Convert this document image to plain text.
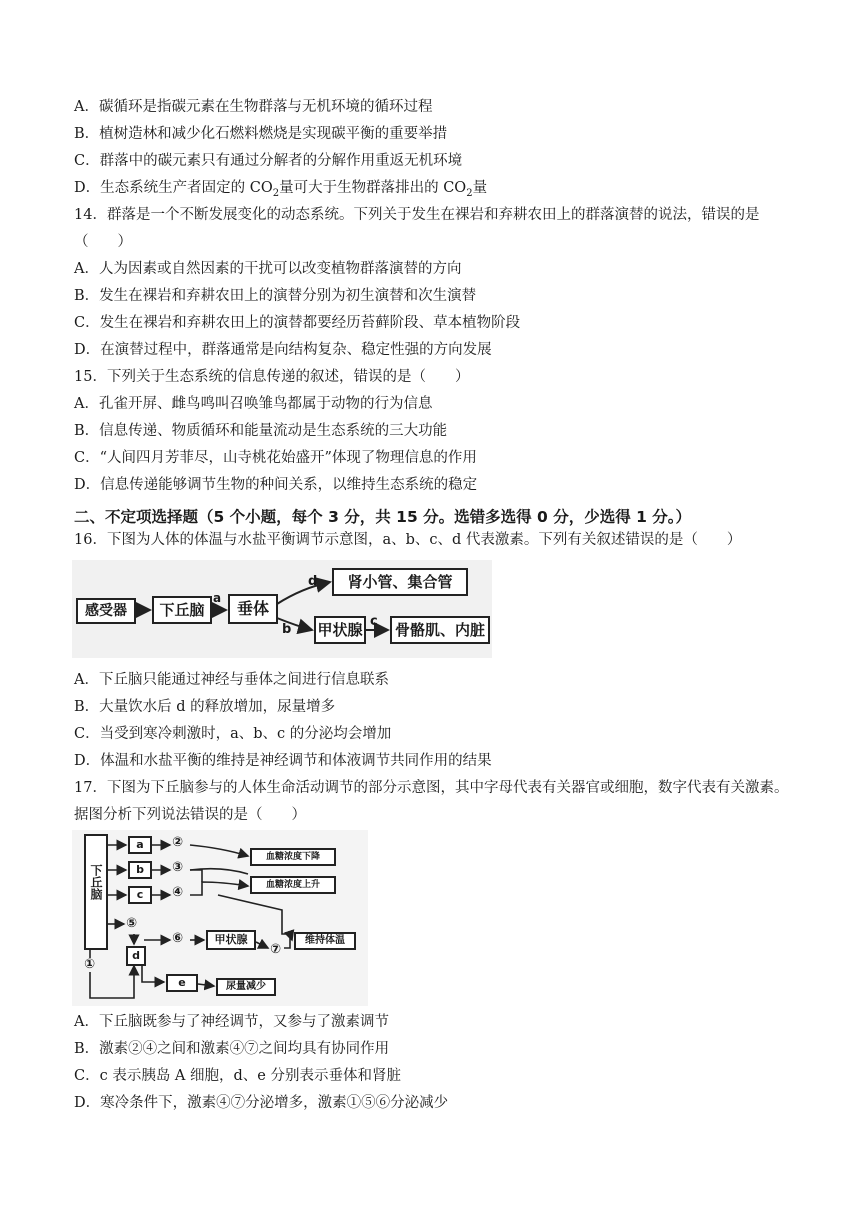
A．碳循环是指碳元素在生物群落与无机环境的循环过程
B．植树造林和减少化石燃料燃烧是实现碳平衡的重要举措
C．群落中的碳元素只有通过分解者的分解作用重返无机环境
D．生态系统生产者固定的 $CO_2$量可大于生物群落排出的 $CO_2$量
14．群落是一个不断发展变化的动态系统。下列关于发生在裸岩和弃耕农田上的群落演替的说法，错误的是
（　　）
A．人为因素或自然因素的干扰可以改变植物群落演替的方向
B．发生在裸岩和弃耕农田上的演替分别为初生演替和次生演替
C．发生在裸岩和弃耕农田上的演替都要经历苔藓阶段、草本植物阶段
D．在演替过程中，群落通常是向结构复杂、稳定性强的方向发展
15．下列关于生态系统的信息传递的叙述，错误的是（　　）
A．孔雀开屏、雌鸟鸣叫召唤雏鸟都属于动物的行为信息
B．信息传递、物质循环和能量流动是生态系统的三大功能
C．“人间四月芳菲尽，山寺桃花始盛开”体现了物理信息的作用
D．信息传递能够调节生物的种间关系，以维持生态系统的稳定
二、不定项选择题（5 个小题，每个 3 分，共 15 分。选错多选得 0 分，少选得 1 分。）
16．下图为人体的体温与水盐平衡调节示意图，a、b、c、d 代表激素。下列有关叙述错误的是（　　）
感受器	下丘脑	垂体
肾小管、集合管
甲状腺	骨骼肌、内脏
a
d
b
c
A．下丘脑只能通过神经与垂体之间进行信息联系
B．大量饮水后 d 的释放增加，尿量增多
C．当受到寒冷刺激时，a、b、c 的分泌均会增加
D．体温和水盐平衡的维持是神经调节和体液调节共同作用的结果
17．下图为下丘脑参与的人体生命活动调节的部分示意图，其中字母代表有关器官或细胞，数字代表有关激素。
据图分析下列说法错误的是（　　）
下丘脑
a
b
c
②
③
④
血糖浓度下降
血糖浓度上升
⑤
d
⑥	甲状腺
⑦
维持体温
e	尿量减少
①
A．下丘脑既参与了神经调节，又参与了激素调节
B．激素②④之间和激素④⑦之间均具有协同作用
C．c 表示胰岛 A 细胞，d、e 分别表示垂体和肾脏
D．寒冷条件下，激素④⑦分泌增多，激素①⑤⑥分泌减少
